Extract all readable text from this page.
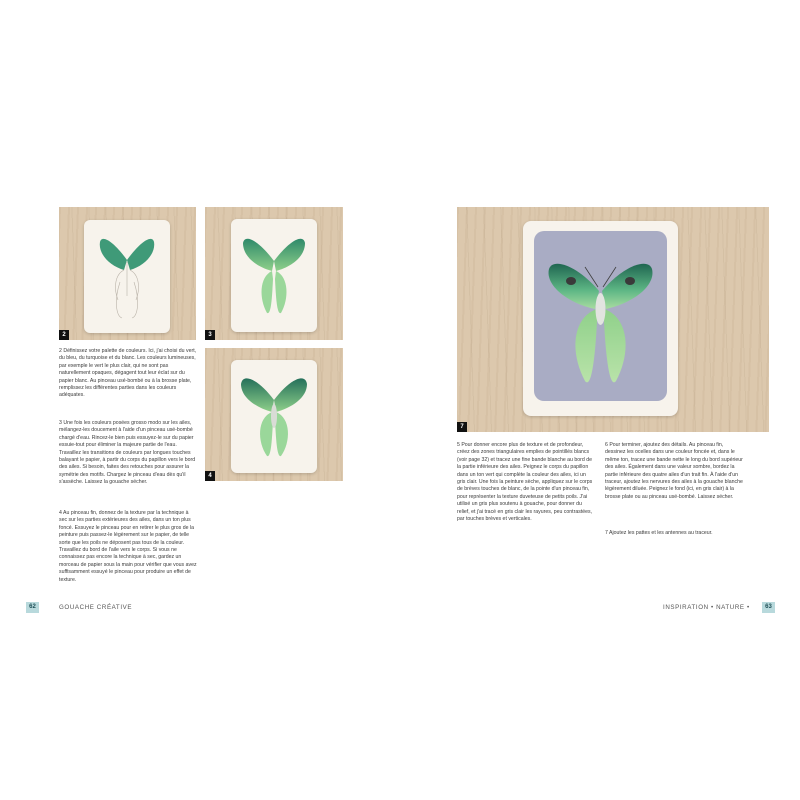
2	3
4

2 Définissez votre palette de couleurs. Ici, j'ai choisi du vert, du bleu, du turquoise et du blanc. Les couleurs lumineuses, par exemple le vert le plus clair, qui ne sont pas naturellement opaques, dégagent tout leur éclat sur du papier blanc. Au pinceau usé-bombé ou à la brosse plate, remplissez les différentes parties dans les couleurs adéquates.

3 Une fois les couleurs posées grosso modo sur les ailes, mélangez-les doucement à l'aide d'un pinceau usé-bombé chargé d'eau. Rincez-le bien puis essuyez-le sur du papier essuie-tout pour éliminer la majeure partie de l'eau. Travaillez les transitions de couleurs par longues touches balayant le papier, à partir du corps du papillon vers le bord des ailes. Si besoin, faites des retouches pour assurer la symétrie des motifs. Chargez le pinceau d'eau dès qu'il s'assèche. Laissez la gouache sécher.

4 Au pinceau fin, donnez de la texture par la technique à sec sur les parties extérieures des ailes, dans un ton plus foncé. Essuyez le pinceau pour en retirer le plus gros de la peinture puis passez-le légèrement sur le papier, de telle sorte que les poils ne déposent pas tous de la couleur. Travaillez du bord de l'aile vers le corps. Si vous ne connaissez pas encore la technique à sec, gardez un morceau de papier sous la main pour vérifier que vous avez suffisamment essuyé le pinceau pour produire un effet de texture.

62	GOUACHE CRÉATIVE
7

5 Pour donner encore plus de texture et de profondeur, créez des zones triangulaires emplies de pointillés blancs (voir page 32) et tracez une fine bande blanche au bord de la partie inférieure des ailes. Peignez le corps du papillon dans un ton vert qui complète la couleur des ailes, ici un gris clair. Une fois la peinture sèche, appliquez sur le corps de brèves touches de blanc, de la pointe d'un pinceau fin, pour représenter la texture duveteuse de petits poils. J'ai utilisé un gris plus soutenu à gouache, pour donner du relief, et j'ai tracé en gris clair les rayures, peu contrastées, par touches brèves et verticales.

6 Pour terminer, ajoutez des détails. Au pinceau fin, dessinez les ocelles dans une couleur foncée et, dans le même ton, tracez une bande nette le long du bord supérieur des ailes. Également dans une valeur sombre, bordez la partie inférieure des quatre ailes d'un trait fin. À l'aide d'un traceur, ajoutez les nervures des ailes à la gouache blanche légèrement diluée. Peignez le fond (ici, en gris clair) à la brosse plate ou au pinceau usé-bombé. Laissez sécher.

7 Ajoutez les pattes et les antennes au traceur.

INSPIRATION • NATURE •	63
